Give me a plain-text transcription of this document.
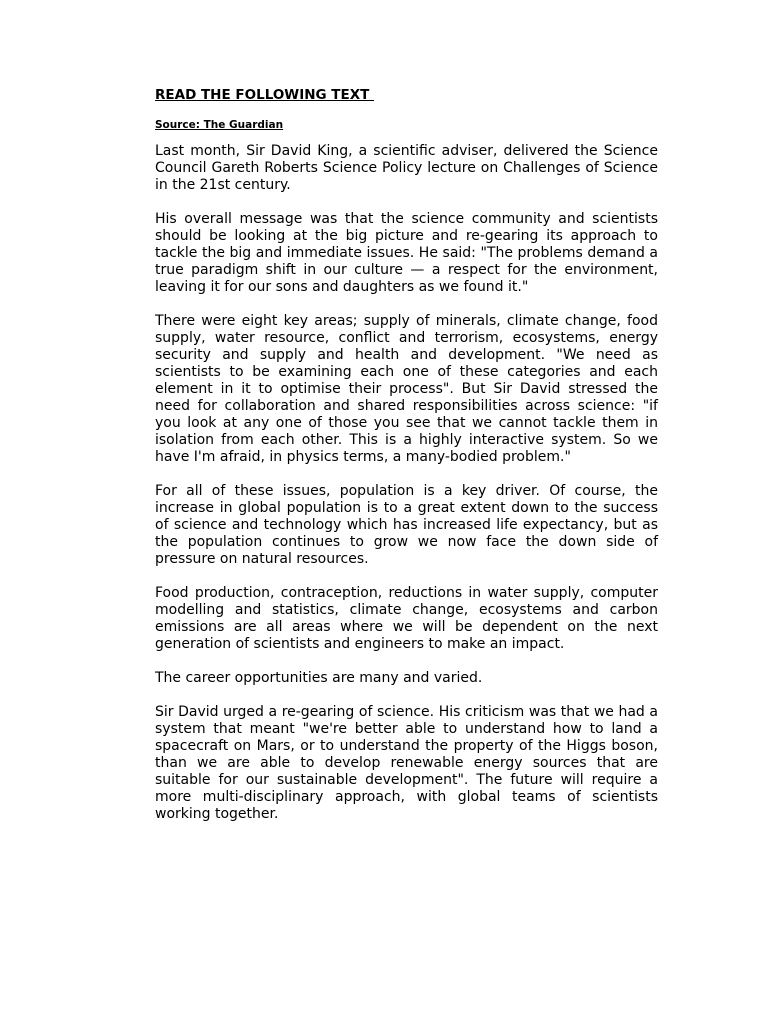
READ THE FOLLOWING TEXT

Source: The Guardian

Last month, Sir David King, a scientific adviser, delivered the Science Council Gareth Roberts Science Policy lecture on Challenges of Science in the 21st century.

His overall message was that the science community and scientists should be looking at the big picture and re-gearing its approach to tackle the big and immediate issues. He said: "The problems demand a true paradigm shift in our culture — a respect for the environment, leaving it for our sons and daughters as we found it."

There were eight key areas; supply of minerals, climate change, food supply, water resource, conflict and terrorism, ecosystems, energy security and supply and health and development. "We need as scientists to be examining each one of these categories and each element in it to optimise their process". But Sir David stressed the need for collaboration and shared responsibilities across science: "if you look at any one of those you see that we cannot tackle them in isolation from each other. This is a highly interactive system. So we have I'm afraid, in physics terms, a many-bodied problem."

For all of these issues, population is a key driver. Of course, the increase in global population is to a great extent down to the success of science and technology which has increased life expectancy, but as the population continues to grow we now face the down side of pressure on natural resources.

Food production, contraception, reductions in water supply, computer modelling and statistics, climate change, ecosystems and carbon emissions are all areas where we will be dependent on the next generation of scientists and engineers to make an impact.

The career opportunities are many and varied.

Sir David urged a re-gearing of science. His criticism was that we had a system that meant "we're better able to understand how to land a spacecraft on Mars, or to understand the property of the Higgs boson, than we are able to develop renewable energy sources that are suitable for our sustainable development". The future will require a more multi-disciplinary approach, with global teams of scientists working together.
